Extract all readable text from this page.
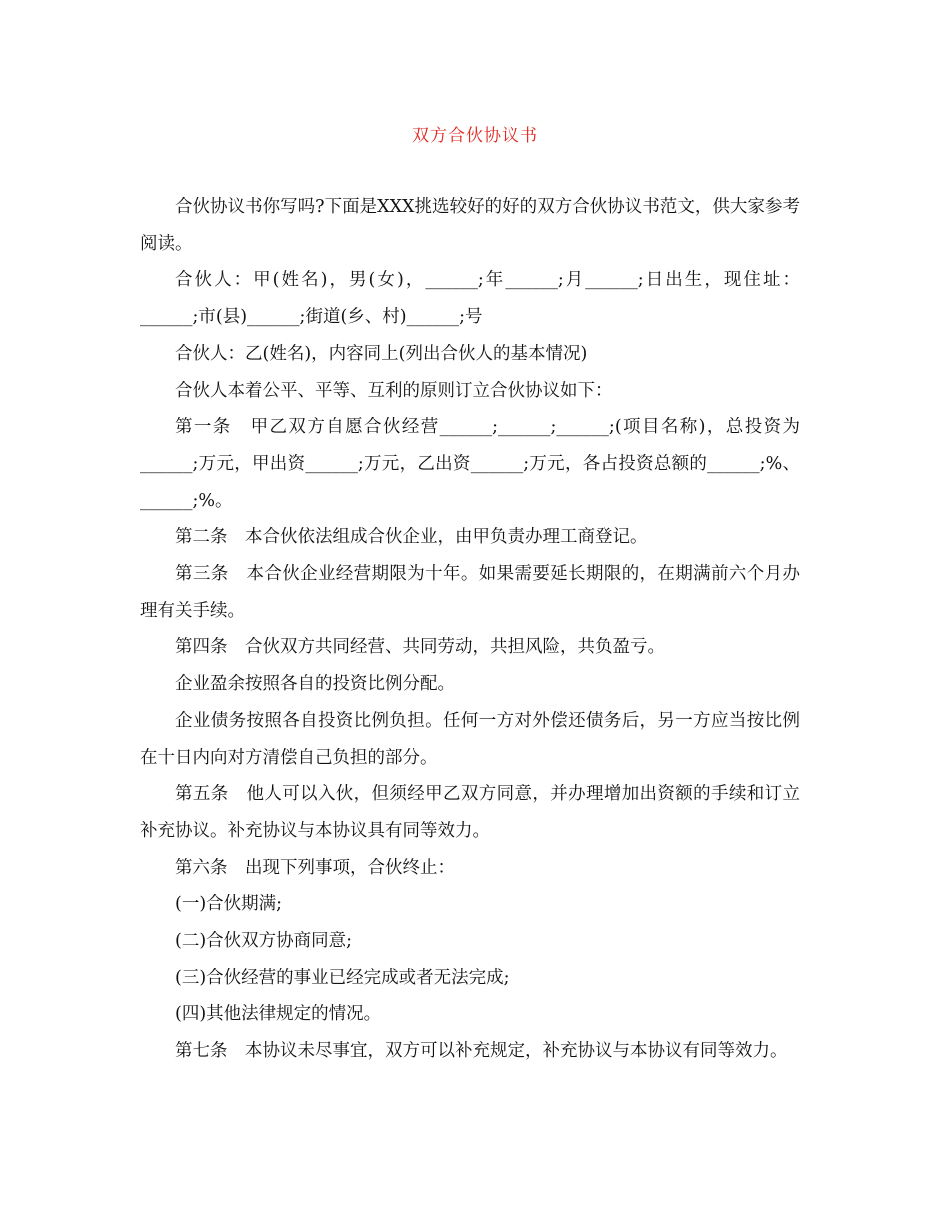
双方合伙协议书

合伙协议书你写吗?下面是XXX挑选较好的好的双方合伙协议书范文，供大家参考阅读。

合伙人：甲(姓名)，男(女)，______;年______;月______;日出生，现住址：______;市(县)______;街道(乡、村)______;号

合伙人：乙(姓名)，内容同上(列出合伙人的基本情况)

合伙人本着公平、平等、互利的原则订立合伙协议如下：

第一条　甲乙双方自愿合伙经营______;______;______;(项目名称)，总投资为______;万元，甲出资______;万元，乙出资______;万元，各占投资总额的______;%、______;%。

第二条　本合伙依法组成合伙企业，由甲负责办理工商登记。

第三条　本合伙企业经营期限为十年。如果需要延长期限的，在期满前六个月办理有关手续。

第四条　合伙双方共同经营、共同劳动，共担风险，共负盈亏。

企业盈余按照各自的投资比例分配。

企业债务按照各自投资比例负担。任何一方对外偿还债务后，另一方应当按比例在十日内向对方清偿自己负担的部分。

第五条　他人可以入伙，但须经甲乙双方同意，并办理增加出资额的手续和订立补充协议。补充协议与本协议具有同等效力。

第六条　出现下列事项，合伙终止：

(一)合伙期满;

(二)合伙双方协商同意;

(三)合伙经营的事业已经完成或者无法完成;

(四)其他法律规定的情况。

第七条　本协议未尽事宜，双方可以补充规定，补充协议与本协议有同等效力。
